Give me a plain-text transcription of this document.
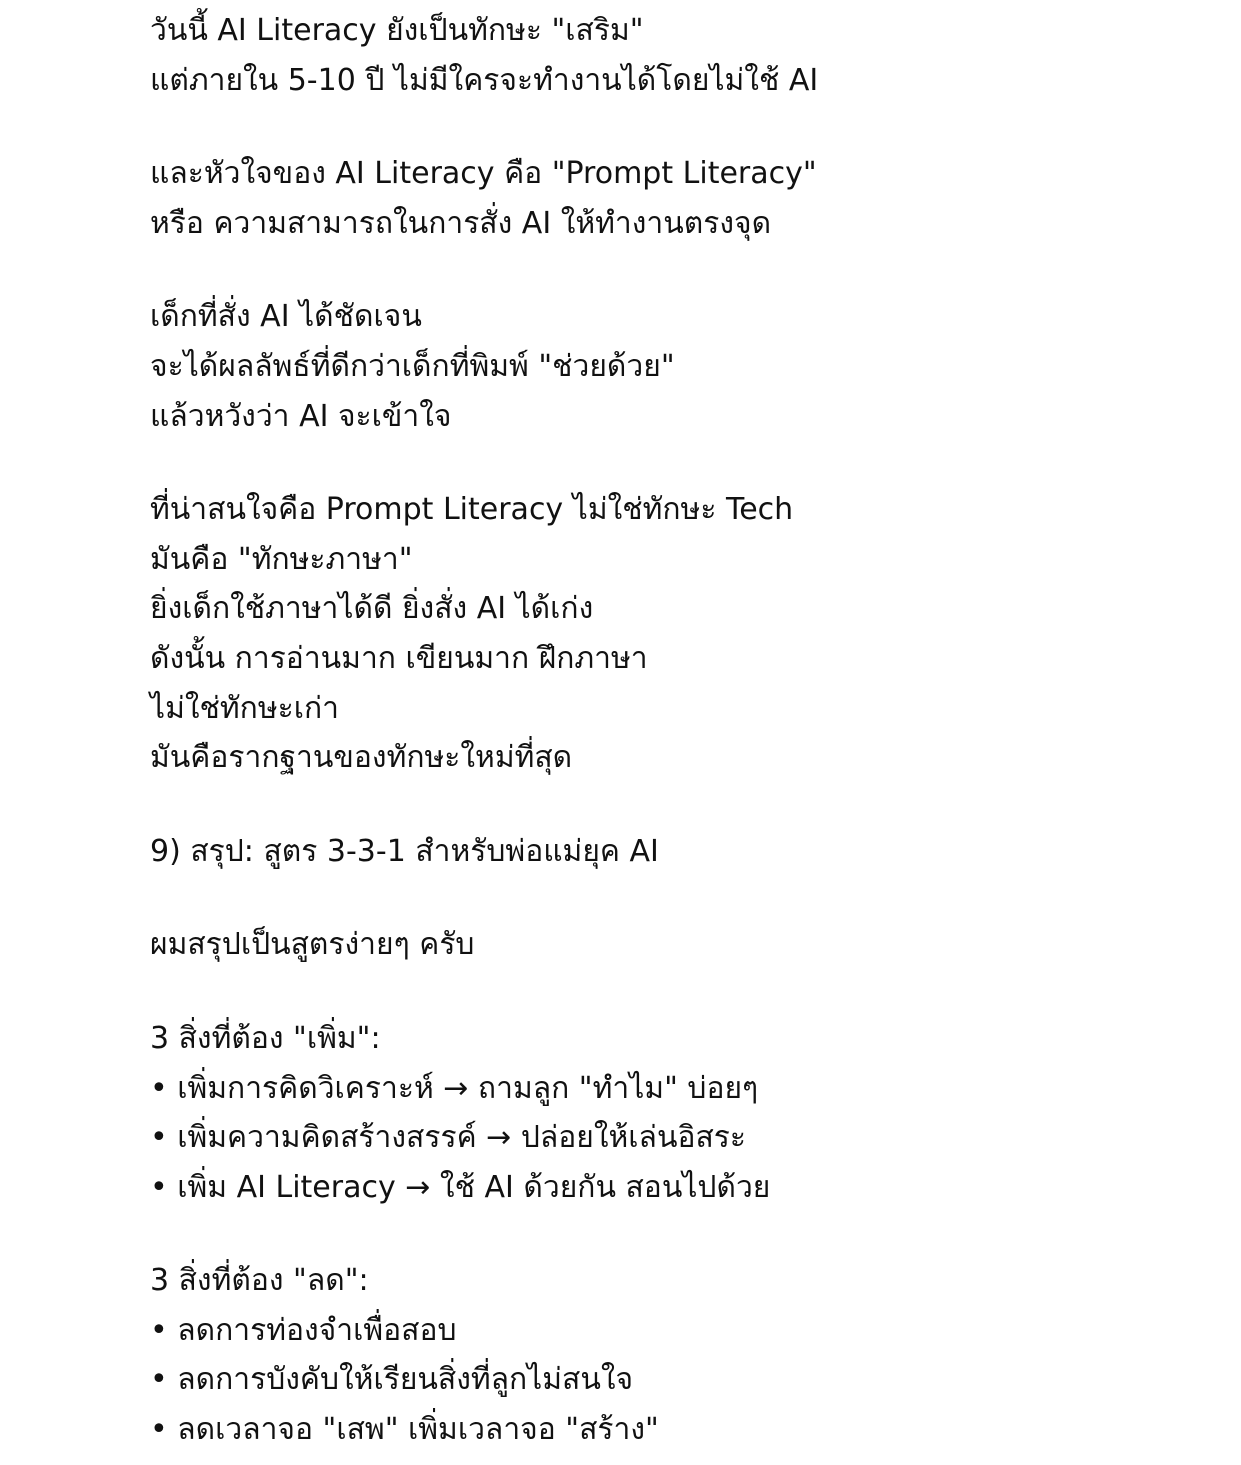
วันนี้ AI Literacy ยังเป็นทักษะ "เสริม"
แต่ภายใน 5-10 ปี ไม่มีใครจะทำงานได้โดยไม่ใช้ AI
และหัวใจของ AI Literacy คือ "Prompt Literacy"
หรือ ความสามารถในการสั่ง AI ให้ทำงานตรงจุด
เด็กที่สั่ง AI ได้ชัดเจน
จะได้ผลลัพธ์ที่ดีกว่าเด็กที่พิมพ์ "ช่วยด้วย"
แล้วหวังว่า AI จะเข้าใจ
ที่น่าสนใจคือ Prompt Literacy ไม่ใช่ทักษะ Tech
มันคือ "ทักษะภาษา"
ยิ่งเด็กใช้ภาษาได้ดี ยิ่งสั่ง AI ได้เก่ง
ดังนั้น การอ่านมาก เขียนมาก ฝึกภาษา
ไม่ใช่ทักษะเก่า
มันคือรากฐานของทักษะใหม่ที่สุด
9) สรุป: สูตร 3-3-1 สำหรับพ่อแม่ยุค AI
ผมสรุปเป็นสูตรง่ายๆ ครับ
3 สิ่งที่ต้อง "เพิ่ม":
• เพิ่มการคิดวิเคราะห์ → ถามลูก "ทำไม" บ่อยๆ
• เพิ่มความคิดสร้างสรรค์ → ปล่อยให้เล่นอิสระ
• เพิ่ม AI Literacy → ใช้ AI ด้วยกัน สอนไปด้วย
3 สิ่งที่ต้อง "ลด":
• ลดการท่องจำเพื่อสอบ
• ลดการบังคับให้เรียนสิ่งที่ลูกไม่สนใจ
• ลดเวลาจอ "เสพ" เพิ่มเวลาจอ "สร้าง"
